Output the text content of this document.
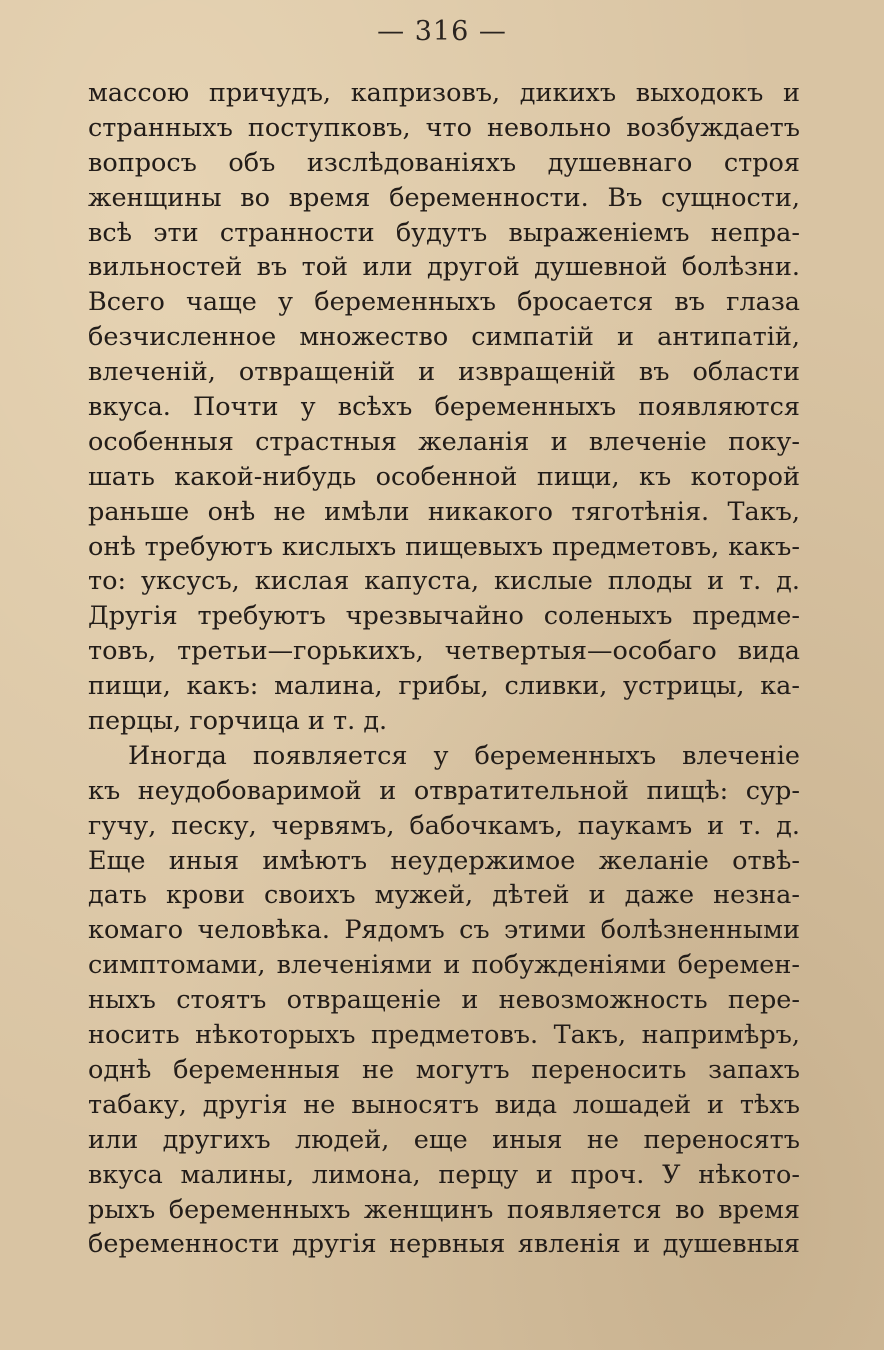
— 316 —
массою причудъ, капризовъ, дикихъ выходокъ и
странныхъ поступковъ, что невольно возбуждаетъ
вопросъ объ изслѣдованіяхъ душевнаго строя
женщины во время беременности. Въ сущности,
всѣ эти странности будутъ выраженіемъ непра-
вильностей въ той или другой душевной болѣзни.
Всего чаще у беременныхъ бросается въ глаза
безчисленное множество симпатій и антипатій,
влеченій, отвращеній и извращеній въ области
вкуса. Почти у всѣхъ беременныхъ появляются
особенныя страстныя желанія и влеченіе поку-
шать какой-нибудь особенной пищи, къ которой
раньше онѣ не имѣли никакого тяготѣнія. Такъ,
онѣ требуютъ кислыхъ пищевыхъ предметовъ, какъ-
то: уксусъ, кислая капуста, кислые плоды и т. д.
Другія требуютъ чрезвычайно соленыхъ предме-
товъ, третьи—горькихъ, четвертыя—особаго вида
пищи, какъ: малина, грибы, сливки, устрицы, ка-
перцы, горчица и т. д.
Иногда появляется у беременныхъ влеченіе
къ неудобоваримой и отвратительной пищѣ: сур-
гучу, песку, червямъ, бабочкамъ, паукамъ и т. д.
Еще иныя имѣютъ неудержимое желаніе отвѣ-
дать крови своихъ мужей, дѣтей и даже незна-
комаго человѣка. Рядомъ съ этими болѣзненными
симптомами, влеченіями и побужденіями беремен-
ныхъ стоятъ отвращеніе и невозможность пере-
носить нѣкоторыхъ предметовъ. Такъ, напримѣръ,
однѣ беременныя не могутъ переносить запахъ
табаку, другія не выносятъ вида лошадей и тѣхъ
или другихъ людей, еще иныя не переносятъ
вкуса малины, лимона, перцу и проч. У нѣкото-
рыхъ беременныхъ женщинъ появляется во время
беременности другія нервныя явленія и душевныя
